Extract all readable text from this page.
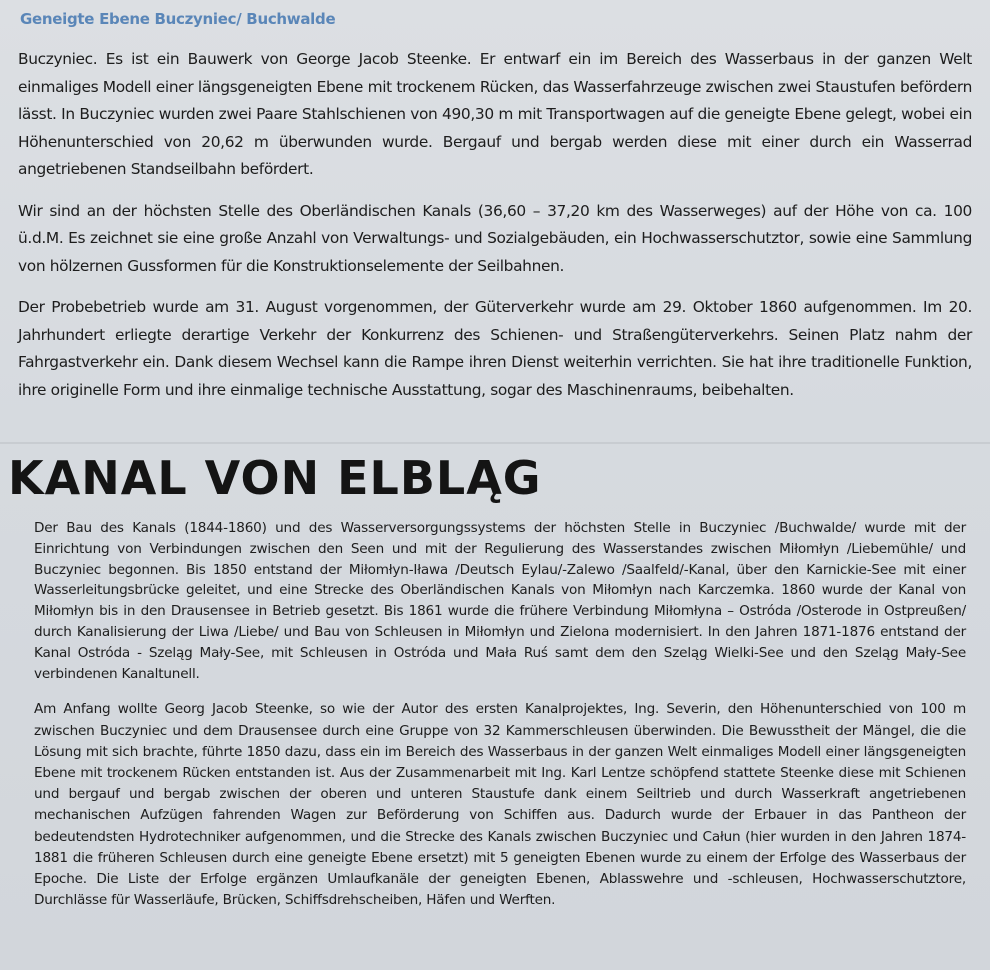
Geneigte Ebene Buczyniec/ Buchwalde

Buczyniec. Es ist ein Bauwerk von George Jacob Steenke. Er entwarf ein im Bereich des Wasserbaus in der ganzen Welt einmaliges Modell einer längsgeneigten Ebene mit trockenem Rücken, das Wasserfahrzeuge zwischen zwei Staustufen befördern lässt. In Buczyniec wurden zwei Paare Stahlschienen von 490,30 m mit Transportwagen auf die geneigte Ebene gelegt, wobei ein Höhenunterschied von 20,62 m überwunden wurde. Bergauf und bergab werden diese mit einer durch ein Wasserrad angetriebenen Standseilbahn befördert.

Wir sind an der höchsten Stelle des Oberländischen Kanals (36,60 – 37,20 km des Wasserweges) auf der Höhe von ca. 100 ü.d.M. Es zeichnet sie eine große Anzahl von Verwaltungs- und Sozialgebäuden, ein Hochwasserschutztor, sowie eine Sammlung von hölzernen Gussformen für die Konstruktionselemente der Seilbahnen.

Der Probebetrieb wurde am 31. August vorgenommen, der Güterverkehr wurde am 29. Oktober 1860 aufgenommen. Im 20. Jahrhundert erliegte derartige Verkehr der Konkurrenz des Schienen- und Straßengüterverkehrs. Seinen Platz nahm der Fahrgastverkehr ein. Dank diesem Wechsel kann die Rampe ihren Dienst weiterhin verrichten. Sie hat ihre traditionelle Funktion, ihre originelle Form und ihre einmalige technische Ausstattung, sogar des Maschinenraums, beibehalten.

KANAL VON ELBLĄG

Der Bau des Kanals (1844-1860) und des Wasserversorgungssystems der höchsten Stelle in Buczyniec /Buchwalde/ wurde mit der Einrichtung von Verbindungen zwischen den Seen und mit der Regulierung des Wasserstandes zwischen Miłomłyn /Liebemühle/ und Buczyniec begonnen. Bis 1850 entstand der Miłomłyn-Iława /Deutsch Eylau/-Zalewo /Saalfeld/-Kanal, über den Karnickie-See mit einer Wasserleitungsbrücke geleitet, und eine Strecke des Oberländischen Kanals von Miłomłyn nach Karczemka. 1860 wurde der Kanal von Miłomłyn bis in den Drausensee in Betrieb gesetzt. Bis 1861 wurde die frühere Verbindung Miłomłyna – Ostróda /Osterode in Ostpreußen/ durch Kanalisierung der Liwa /Liebe/ und Bau von Schleusen in Miłomłyn und Zielona modernisiert. In den Jahren 1871-1876 entstand der Kanal Ostróda - Szeląg Mały-See, mit Schleusen in Ostróda und Mała Ruś samt dem den Szeląg Wielki-See und den Szeląg Mały-See verbindenen Kanaltunell.

Am Anfang wollte Georg Jacob Steenke, so wie der Autor des ersten Kanalprojektes, Ing. Severin, den Höhenunterschied von 100 m zwischen Buczyniec und dem Drausensee durch eine Gruppe von 32 Kammerschleusen überwinden. Die Bewusstheit der Mängel, die die Lösung mit sich brachte, führte 1850 dazu, dass ein im Bereich des Wasserbaus in der ganzen Welt einmaliges Modell einer längsgeneigten Ebene mit trockenem Rücken entstanden ist. Aus der Zusammenarbeit mit Ing. Karl Lentze schöpfend stattete Steenke diese mit Schienen und bergauf und bergab zwischen der oberen und unteren Staustufe dank einem Seiltrieb und durch Wasserkraft angetriebenen mechanischen Aufzügen fahrenden Wagen zur Beförderung von Schiffen aus. Dadurch wurde der Erbauer in das Pantheon der bedeutendsten Hydrotechniker aufgenommen, und die Strecke des Kanals zwischen Buczyniec und Całun (hier wurden in den Jahren 1874-1881 die früheren Schleusen durch eine geneigte Ebene ersetzt) mit 5 geneigten Ebenen wurde zu einem der Erfolge des Wasserbaus der Epoche. Die Liste der Erfolge ergänzen Umlaufkanäle der geneigten Ebenen, Ablasswehre und -schleusen, Hochwasserschutztore, Durchlässe für Wasserläufe, Brücken, Schiffsdrehscheiben, Häfen und Werften.
